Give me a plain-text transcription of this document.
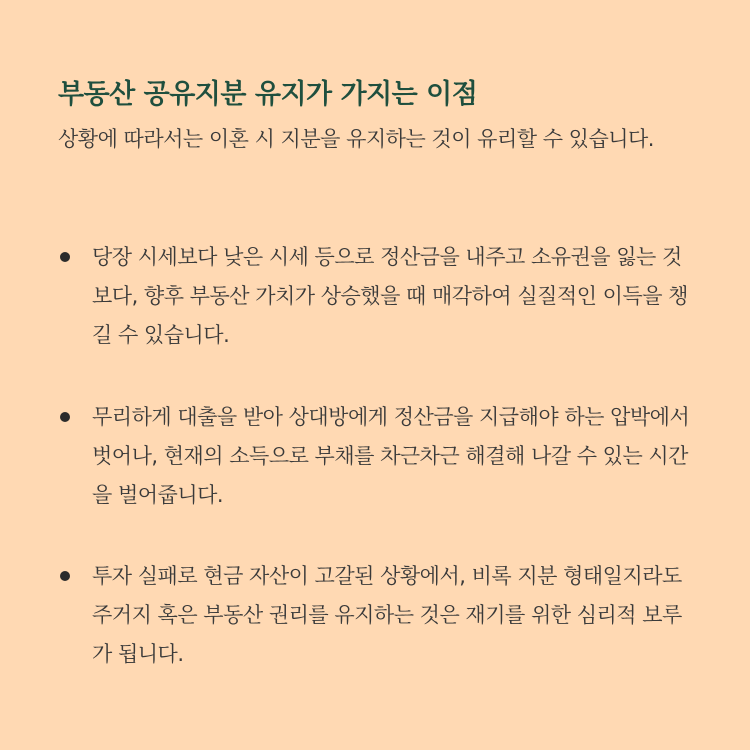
부동산 공유지분 유지가 가지는 이점

상황에 따라서는 이혼 시 지분을 유지하는 것이 유리할 수 있습니다.

당장 시세보다 낮은 시세 등으로 정산금을 내주고 소유권을 잃는 것보다, 향후 부동산 가치가 상승했을 때 매각하여 실질적인 이득을 챙길 수 있습니다.
무리하게 대출을 받아 상대방에게 정산금을 지급해야 하는 압박에서 벗어나, 현재의 소득으로 부채를 차근차근 해결해 나갈 수 있는 시간을 벌어줍니다.
투자 실패로 현금 자산이 고갈된 상황에서, 비록 지분 형태일지라도 주거지 혹은 부동산 권리를 유지하는 것은 재기를 위한 심리적 보루가 됩니다.
